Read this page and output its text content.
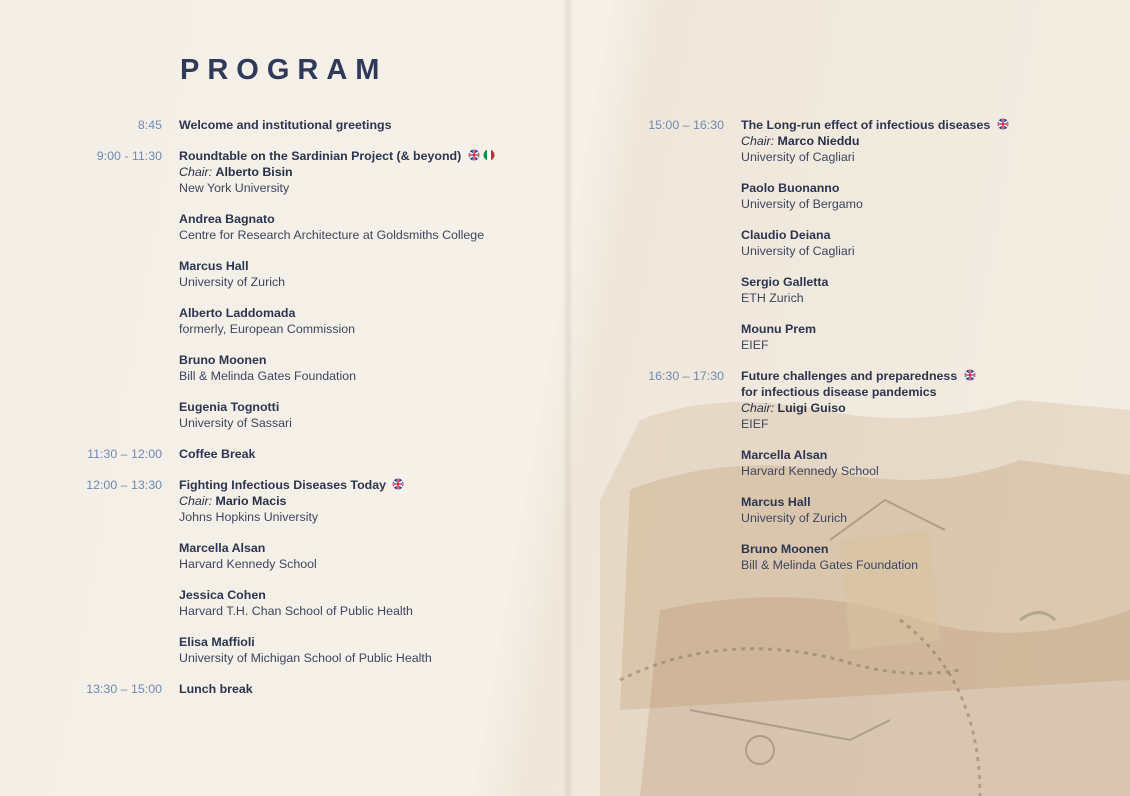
PROGRAM
8:45	Welcome and institutional greetings
9:00 - 11:30	Roundtable on the Sardinian Project (& beyond)
Chair: Alberto Bisin
New York University
Andrea Bagnato
Centre for Research Architecture at Goldsmiths College
Marcus Hall
University of Zurich
Alberto Laddomada
formerly, European Commission
Bruno Moonen
Bill & Melinda Gates Foundation
Eugenia Tognotti
University of Sassari
11:30 – 12:00	Coffee Break
12:00 – 13:30	Fighting Infectious Diseases Today
Chair: Mario Macis
Johns Hopkins University
Marcella Alsan
Harvard Kennedy School
Jessica Cohen
Harvard T.H. Chan School of Public Health
Elisa Maffioli
University of Michigan School of Public Health
13:30 – 15:00	Lunch break
15:00 – 16:30	The Long-run effect of infectious diseases
Chair: Marco Nieddu
University of Cagliari
Paolo Buonanno
University of Bergamo
Claudio Deiana
University of Cagliari
Sergio Galletta
ETH Zurich
Mounu Prem
EIEF
16:30 – 17:30	Future challenges and preparedness
for infectious disease pandemics
Chair: Luigi Guiso
EIEF
Marcella Alsan
Harvard Kennedy School
Marcus Hall
University of Zurich
Bruno Moonen
Bill & Melinda Gates Foundation
